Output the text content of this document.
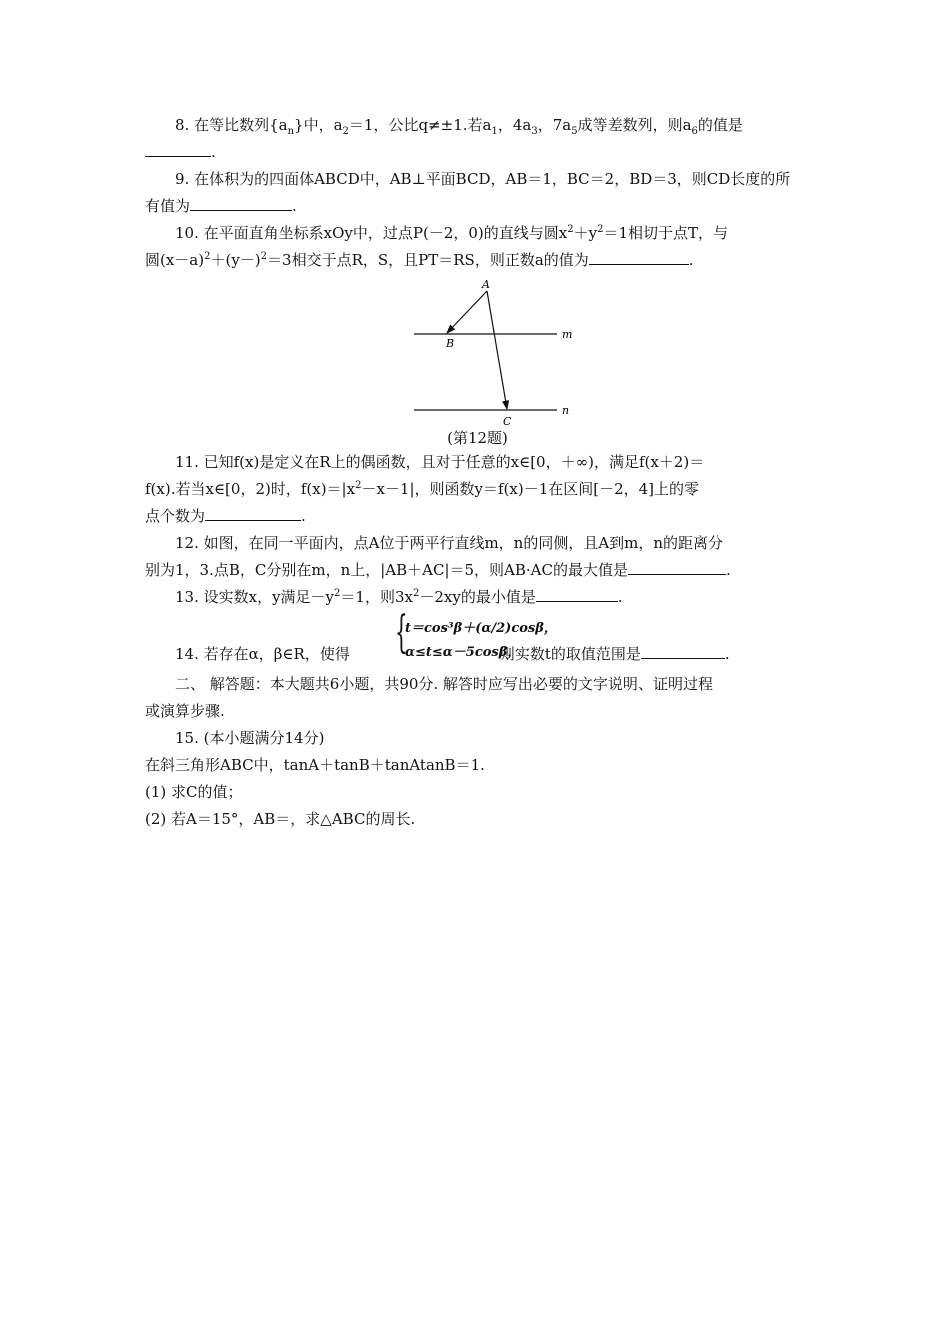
8. 在等比数列$\{a_n\}$中，$a_2=1$，公比q≠±1.若$a_1$，$4a_3$，$7a_5$成等差数列，则$a_6$的值是

.

9. 在体积为的四面体ABCD中，AB⊥平面BCD，AB＝1，BC＝2，BD＝3，则CD长度的所

有值为	.

10. 在平面直角坐标系xOy中，过点P(－2，0)的直线与圆$x^2+y^2=1$相切于点T，与

圆$(x-a)^2+(y-)^2=3$相交于点R，S，且PT＝RS，则正数a的值为	.

A
B
C
m
n

(第12题)

11. 已知f(x)是定义在R上的偶函数，且对于任意的x∈[0，＋∞)，满足f(x＋2)＝

f(x).若当x∈[0，2)时，$f(x)=|x^2-x-1|$，则函数y＝f(x)－1在区间[－2，4]上的零

点个数为	.

12. 如图，在同一平面内，点A位于两平行直线m，n的同侧，且A到m，n的距离分

别为1，3.点B，C分别在m，n上，|AB＋AC|＝5，则AB·AC的最大值是	.

13. 设实数x，y满足$-y^2=1$，则$3x^2-2xy$的最小值是	.

{
t＝cos³β＋(α/2)cosβ，
α≤t≤α－5cosβ，
14. 若存在α，β∈R，使得	则实数t的取值范围是	.

二、 解答题：本大题共6小题，共90分. 解答时应写出必要的文字说明、证明过程

或演算步骤.

15. (本小题满分14分)

在斜三角形ABC中，tanA＋tanB＋tanAtanB＝1.

(1) 求C的值；

(2) 若A＝15°，AB＝，求△ABC的周长.
